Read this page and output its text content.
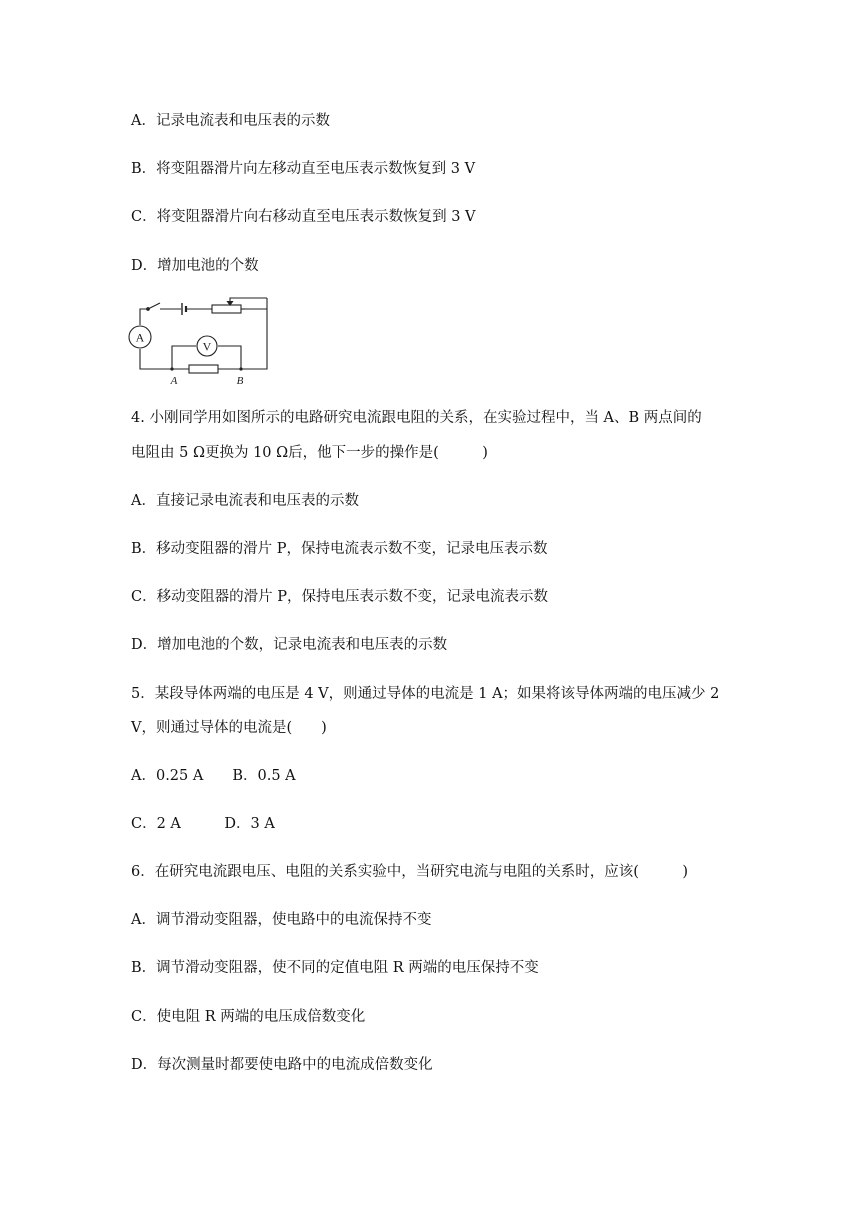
A．记录电流表和电压表的示数
B．将变阻器滑片向左移动直至电压表示数恢复到 3 V
C．将变阻器滑片向右移动直至电压表示数恢复到 3 V
D．增加电池的个数
A
V
A	B
4. 小刚同学用如图所示的电路研究电流跟电阻的关系，在实验过程中，当 A、B 两点间的
电阻由 5 Ω更换为 10 Ω后，他下一步的操作是(　　　)
A．直接记录电流表和电压表的示数
B．移动变阻器的滑片 P，保持电流表示数不变，记录电压表示数
C．移动变阻器的滑片 P，保持电压表示数不变，记录电流表示数
D．增加电池的个数，记录电流表和电压表的示数
5．某段导体两端的电压是 4 V，则通过导体的电流是 1 A；如果将该导体两端的电压减少 2
V，则通过导体的电流是(　　)
A．0.25 A　　B．0.5 A
C．2 A　　　D．3 A
6．在研究电流跟电压、电阻的关系实验中，当研究电流与电阻的关系时，应该(　　　)
A．调节滑动变阻器，使电路中的电流保持不变
B．调节滑动变阻器，使不同的定值电阻 R 两端的电压保持不变
C．使电阻 R 两端的电压成倍数变化
D．每次测量时都要使电路中的电流成倍数变化
